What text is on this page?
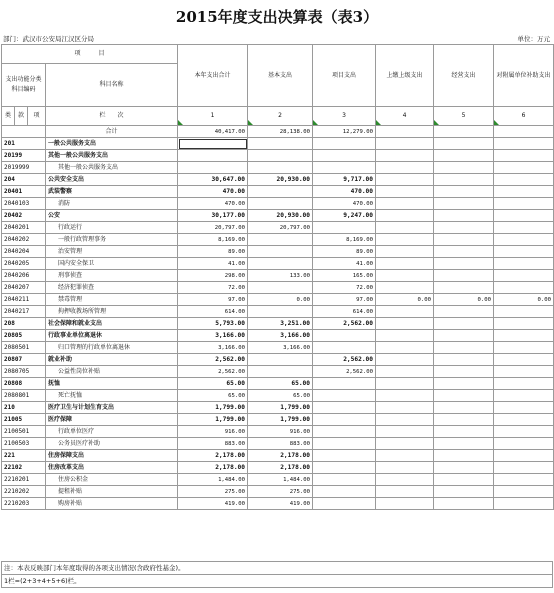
2015年度支出决算表（表3）
部门：武汉市公安局江汉区分局	单位：万元
项　　　目				本年支出合计	基本支出	项目支出	上缴上级支出	经营支出	对附属单位补助支出
支出功能分类科目编码			科目名称						
类	款	项	栏　　次	1	2	3	4	5	6
			合计	40,417.00	28,138.00	12,279.00			
201			一般公共服务支出						
20199			其他一般公共服务支出						
2019999			其他一般公共服务支出						
204			公共安全支出	30,647.00	20,930.00	9,717.00			
20401			武装警察	470.00		470.00			
2040103			消防	470.00		470.00			
20402			公安	30,177.00	20,930.00	9,247.00			
2040201			行政运行	20,797.00	20,797.00				
2040202			一般行政管理事务	8,169.00		8,169.00			
2040204			治安管理	89.00		89.00			
2040205			国内安全保卫	41.00		41.00			
2040206			刑事侦查	298.00	133.00	165.00			
2040207			经济犯罪侦查	72.00		72.00			
2040211			禁毒管理	97.00	0.00	97.00	0.00	0.00	0.00
2040217			拘押收教场所管理	614.00		614.00			
208			社会保障和就业支出	5,793.00	3,251.00	2,562.00			
20805			行政事业单位离退休	3,166.00	3,166.00				
2080501			归口管理的行政单位离退休	3,166.00	3,166.00				
20807			就业补助	2,562.00		2,562.00			
2080705			公益性岗位补贴	2,562.00		2,562.00			
20808			抚恤	65.00	65.00				
2080801			死亡抚恤	65.00	65.00				
210			医疗卫生与计划生育支出	1,799.00	1,799.00				
21005			医疗保障	1,799.00	1,799.00				
2100501			行政单位医疗	916.00	916.00				
2100503			公务员医疗补助	883.00	883.00				
221			住房保障支出	2,178.00	2,178.00				
22102			住房改革支出	2,178.00	2,178.00				
2210201			住房公积金	1,484.00	1,484.00				
2210202			提租补贴	275.00	275.00				
2210203			购房补贴	419.00	419.00				
注：本表反映部门本年度取得的各项支出情况(含政府性基金)。
1栏=(2+3+4+5+6)栏。
